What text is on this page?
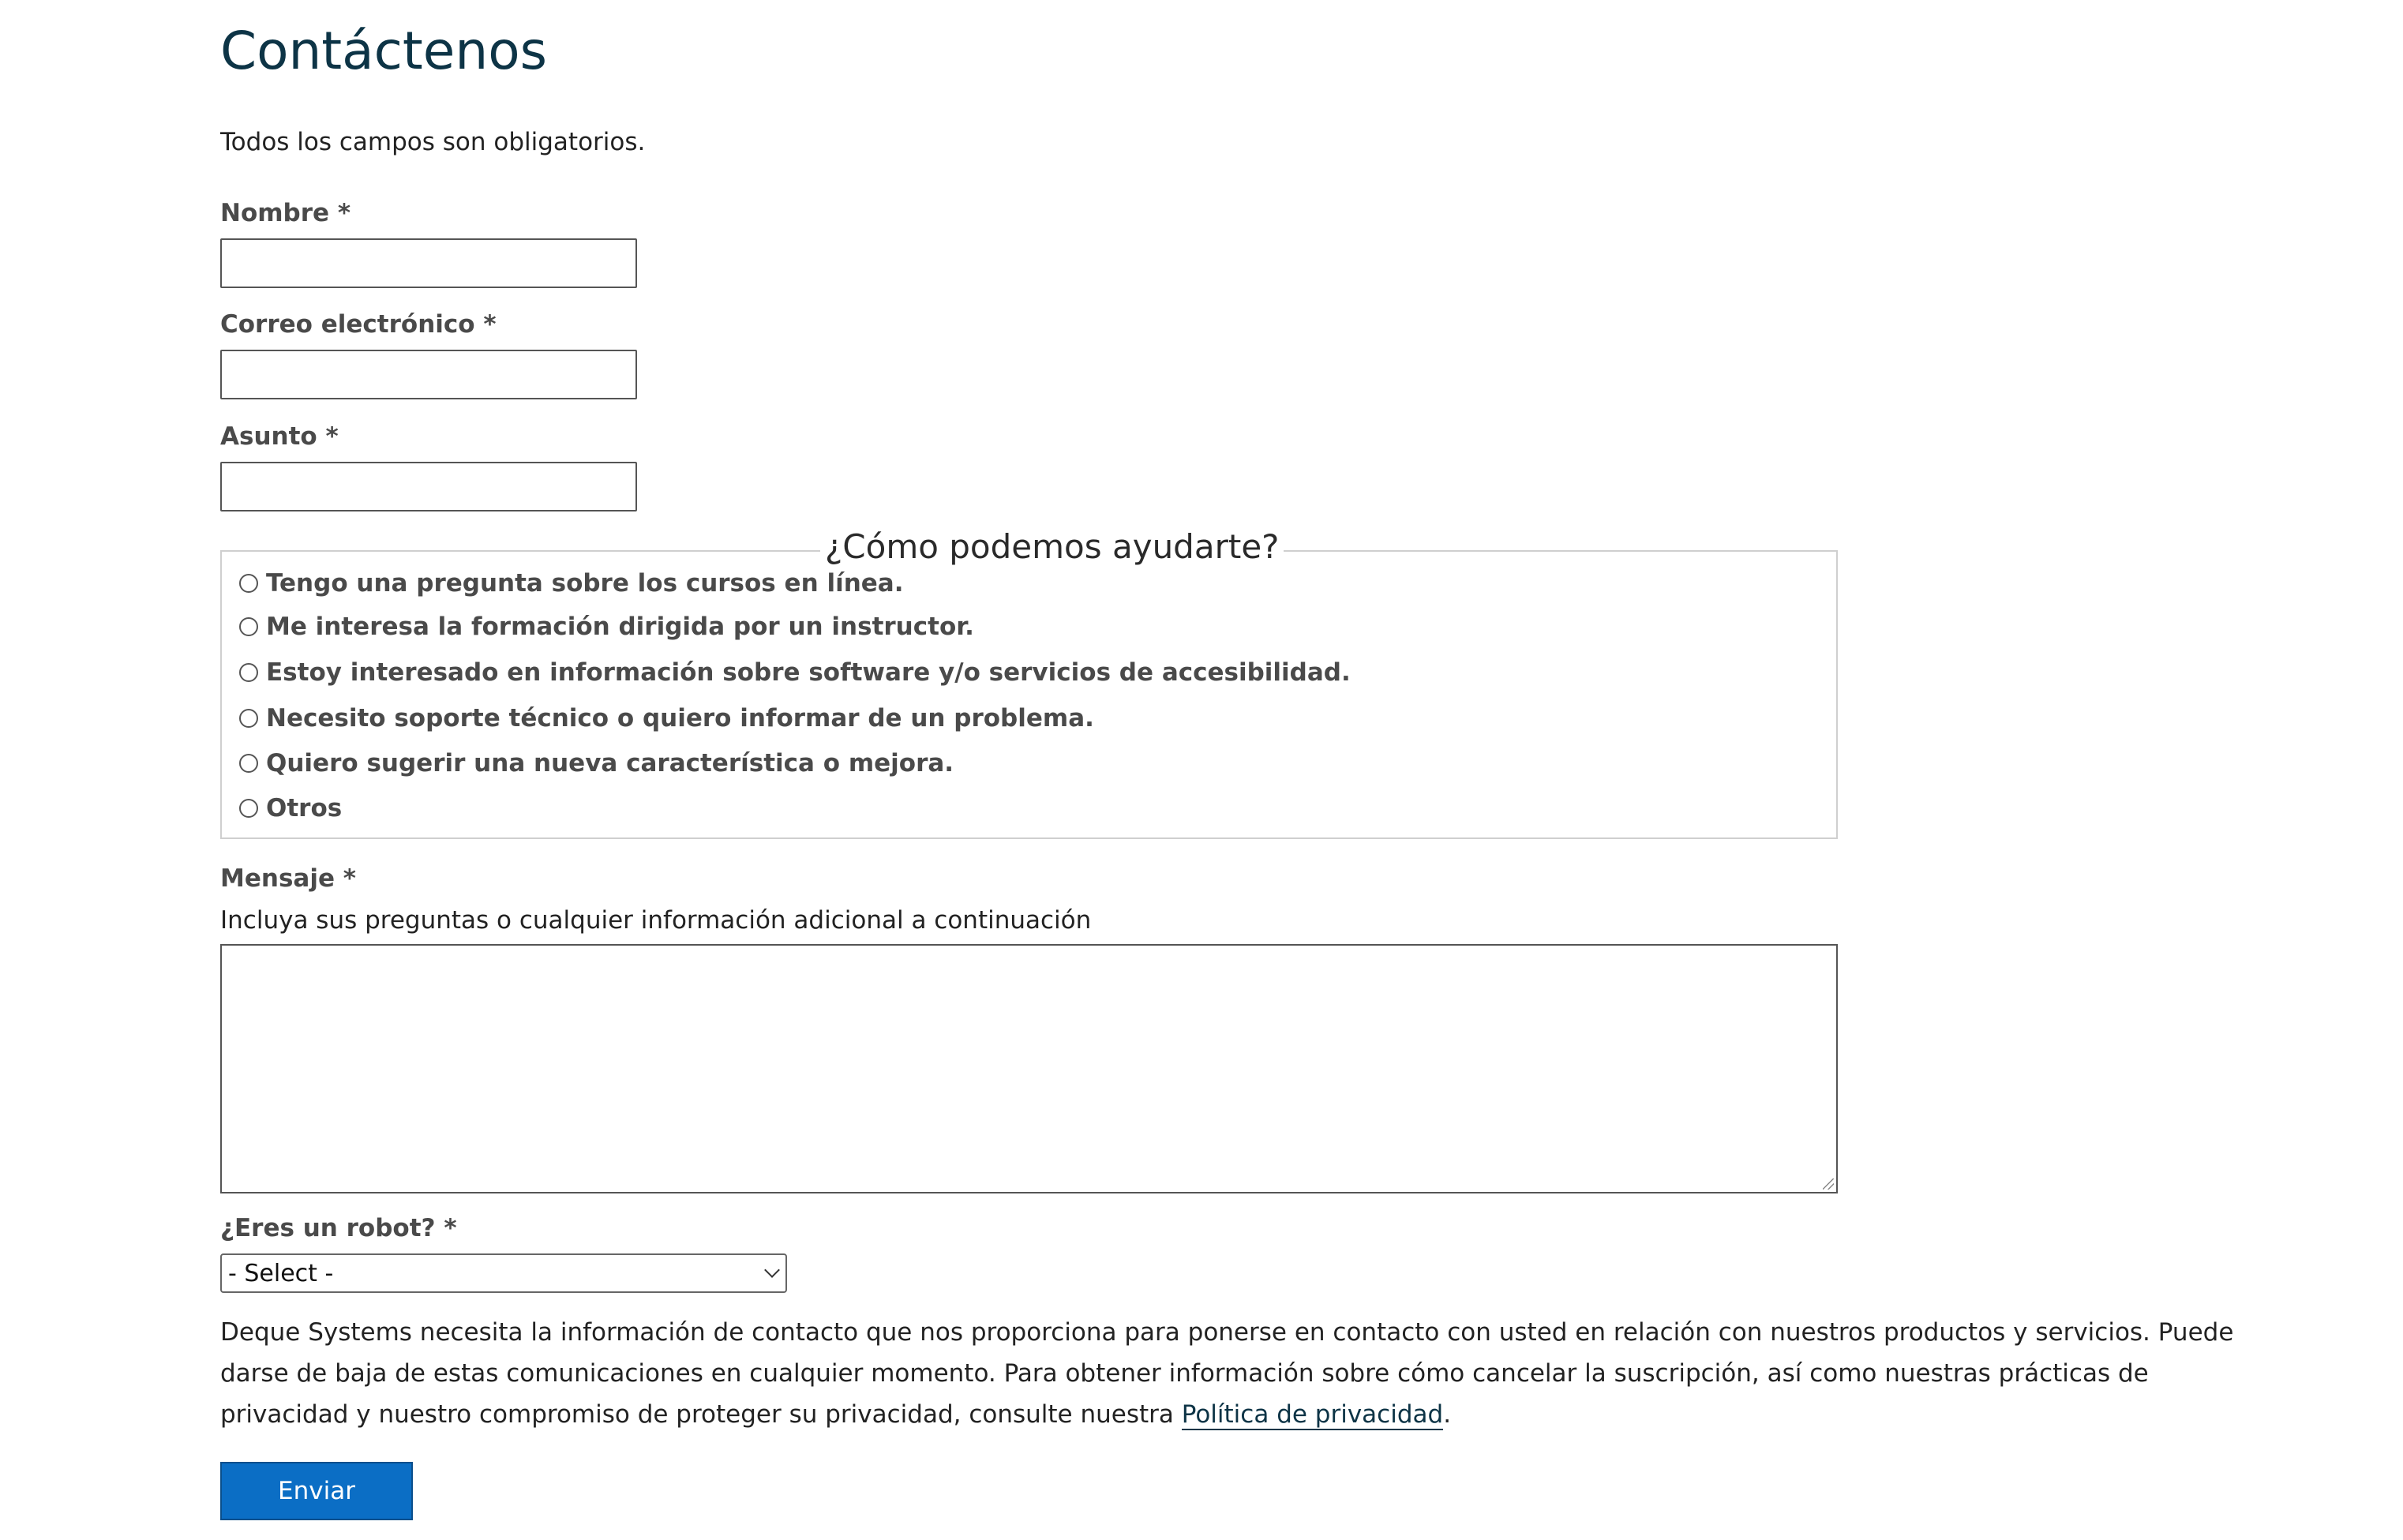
Contáctenos
Todos los campos son obligatorios.
Nombre *
Correo electrónico *
Asunto *
Tengo una pregunta sobre los cursos en línea.
Me interesa la formación dirigida por un instructor.
Estoy interesado en información sobre software y/o servicios de accesibilidad.
Necesito soporte técnico o quiero informar de un problema.
Quiero sugerir una nueva característica o mejora.
Otros
¿Cómo podemos ayudarte?
Mensaje *
Incluya sus preguntas o cualquier información adicional a continuación
¿Eres un robot? *
- Select -
Deque Systems necesita la información de contacto que nos proporciona para ponerse en contacto con usted en relación con nuestros productos y servicios. Puede darse de baja de estas comunicaciones en cualquier momento. Para obtener información sobre cómo cancelar la suscripción, así como nuestras prácticas de privacidad y nuestro compromiso de proteger su privacidad, consulte nuestra Política de privacidad.
Enviar
